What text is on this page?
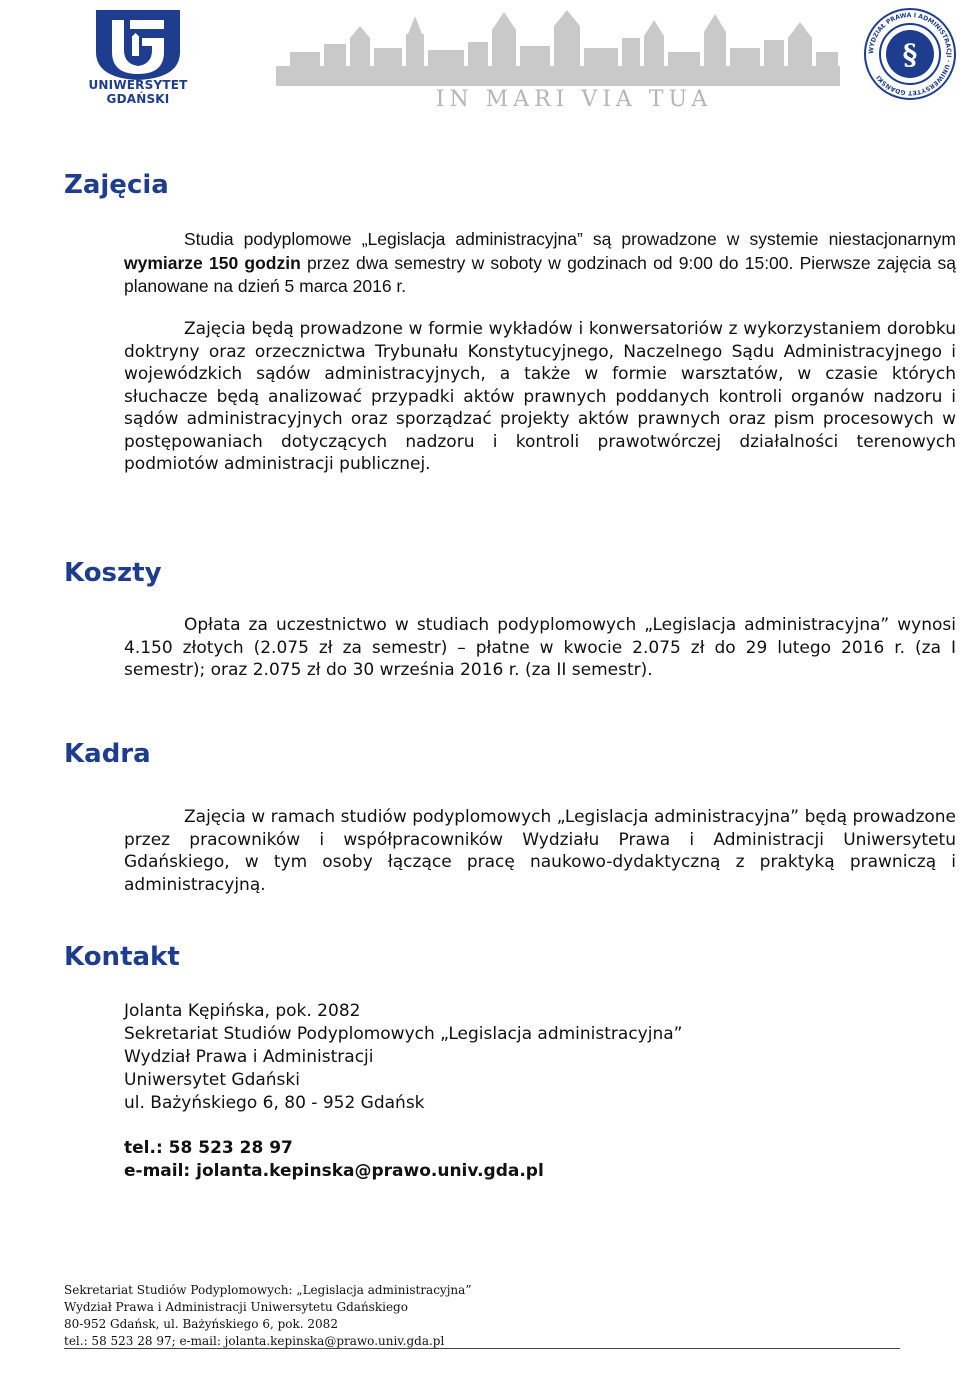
UNIWERSYTET GDAŃSKI	IN MARI VIA TUA
§
WYDZIAŁ PRAWA I ADMINISTRACJI · UNIWERSYTET GDAŃSKI
Zajęcia

Studia podyplomowe „Legislacja administracyjna” są prowadzone w systemie niestacjonarnym wymiarze 150 godzin przez dwa semestry w soboty w godzinach od 9:00 do 15:00. Pierwsze zajęcia są planowane na dzień 5 marca 2016 r.

Zajęcia będą prowadzone w formie wykładów i konwersatoriów z wykorzystaniem dorobku doktryny oraz orzecznictwa Trybunału Konstytucyjnego, Naczelnego Sądu Administracyjnego i wojewódzkich sądów administracyjnych, a także w formie warsztatów, w czasie których słuchacze będą analizować przypadki aktów prawnych poddanych kontroli organów nadzoru i sądów administracyjnych oraz sporządzać projekty aktów prawnych oraz pism procesowych w postępowaniach dotyczących nadzoru i kontroli prawotwórczej działalności terenowych podmiotów administracji publicznej.

Koszty

Opłata za uczestnictwo w studiach podyplomowych „Legislacja administracyjna” wynosi 4.150 złotych (2.075 zł za semestr) – płatne w kwocie 2.075 zł do 29 lutego 2016 r. (za I semestr); oraz 2.075 zł do 30 września 2016 r. (za II semestr).

Kadra

Zajęcia w ramach studiów podyplomowych „Legislacja administracyjna” będą prowadzone przez pracowników i współpracowników Wydziału Prawa i Administracji Uniwersytetu Gdańskiego, w tym osoby łączące pracę naukowo-dydaktyczną z praktyką prawniczą i administracyjną.

Kontakt

Jolanta Kępińska, pok. 2082

Sekretariat Studiów Podyplomowych „Legislacja administracyjna”

Wydział Prawa i Administracji

Uniwersytet Gdański

ul. Bażyńskiego 6, 80 - 952 Gdańsk

tel.: 58 523 28 97

e-mail: jolanta.kepinska@prawo.univ.gda.pl

Sekretariat Studiów Podyplomowych: „Legislacja administracyjna”
Wydział Prawa i Administracji Uniwersytetu Gdańskiego
80-952 Gdańsk, ul. Bażyńskiego 6, pok. 2082
tel.: 58 523 28 97; e-mail: jolanta.kepinska@prawo.univ.gda.pl
